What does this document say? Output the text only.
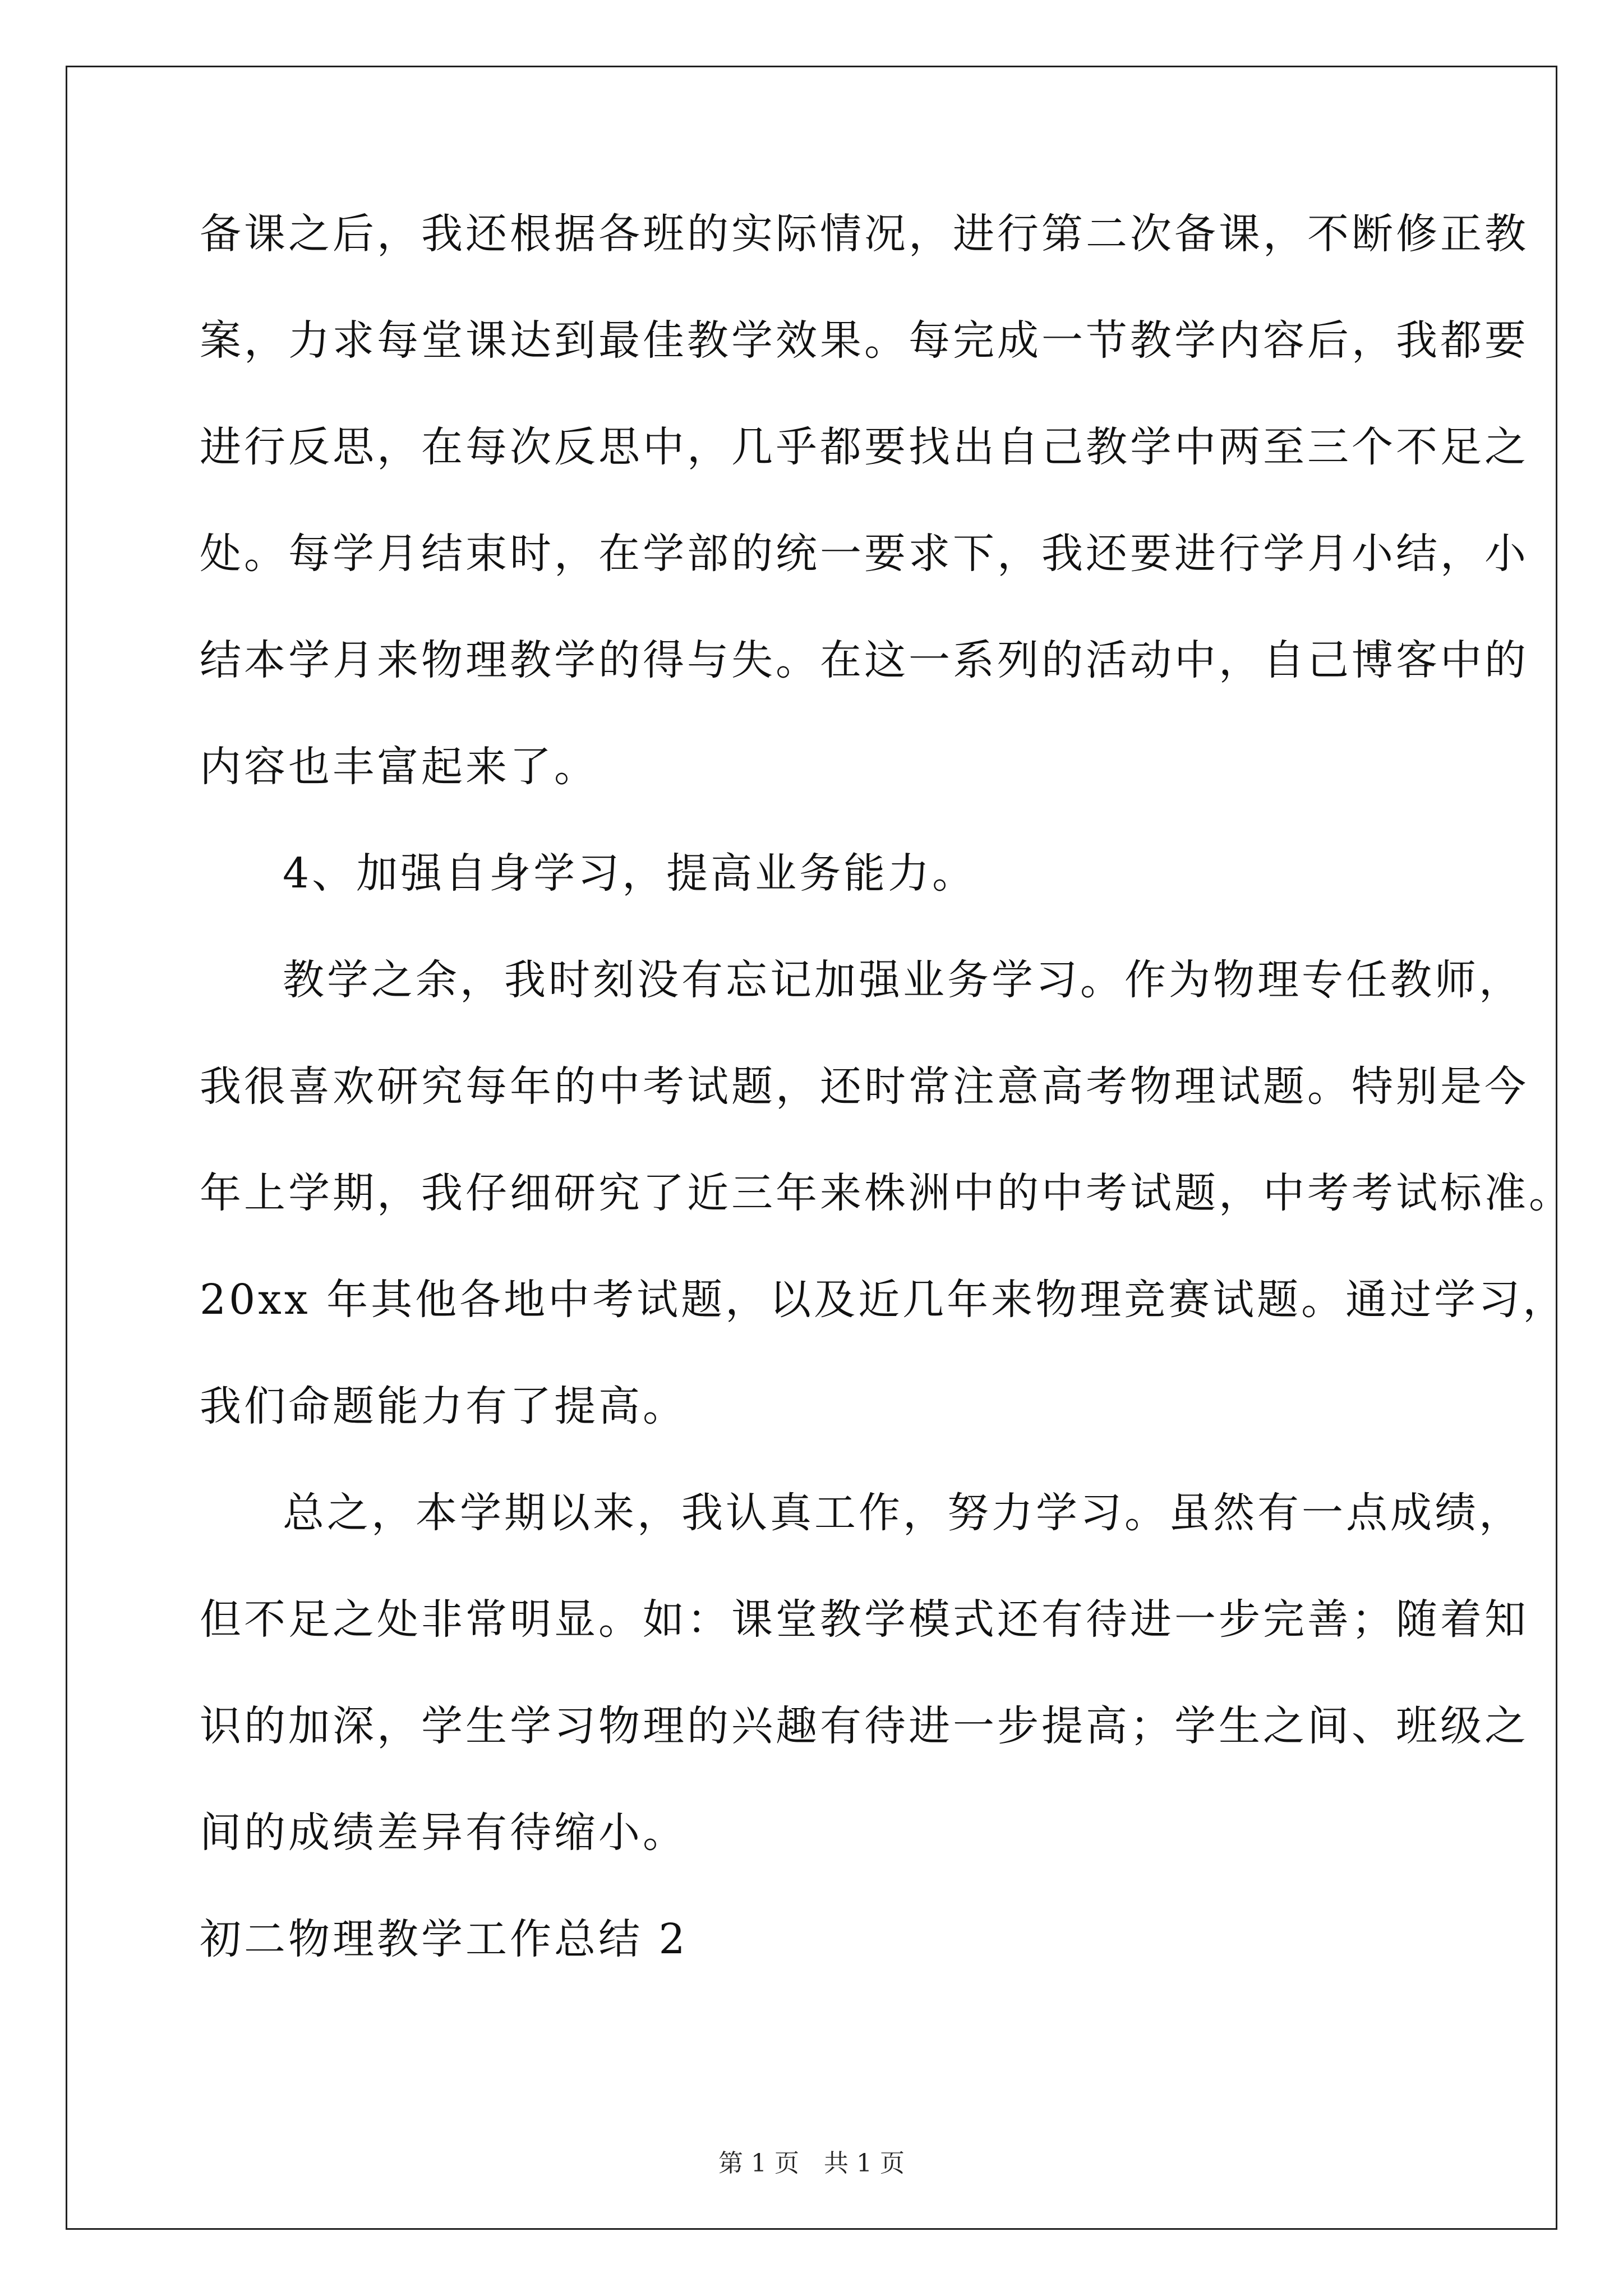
备课之后，我还根据各班的实际情况，进行第二次备课，不断修正教
案，力求每堂课达到最佳教学效果。每完成一节教学内容后，我都要
进行反思，在每次反思中，几乎都要找出自己教学中两至三个不足之
处。每学月结束时，在学部的统一要求下，我还要进行学月小结，小
结本学月来物理教学的得与失。在这一系列的活动中，自己博客中的
内容也丰富起来了。
4、加强自身学习，提高业务能力。
教学之余，我时刻没有忘记加强业务学习。作为物理专任教师，
我很喜欢研究每年的中考试题，还时常注意高考物理试题。特别是今
年上学期，我仔细研究了近三年来株洲中的中考试题，中考考试标准。
20xx 年其他各地中考试题，以及近几年来物理竞赛试题。通过学习，
我们命题能力有了提高。
总之，本学期以来，我认真工作，努力学习。虽然有一点成绩，
但不足之处非常明显。如：课堂教学模式还有待进一步完善；随着知
识的加深，学生学习物理的兴趣有待进一步提高；学生之间、班级之
间的成绩差异有待缩小。
初二物理教学工作总结 2
第 1 页　共 1 页
